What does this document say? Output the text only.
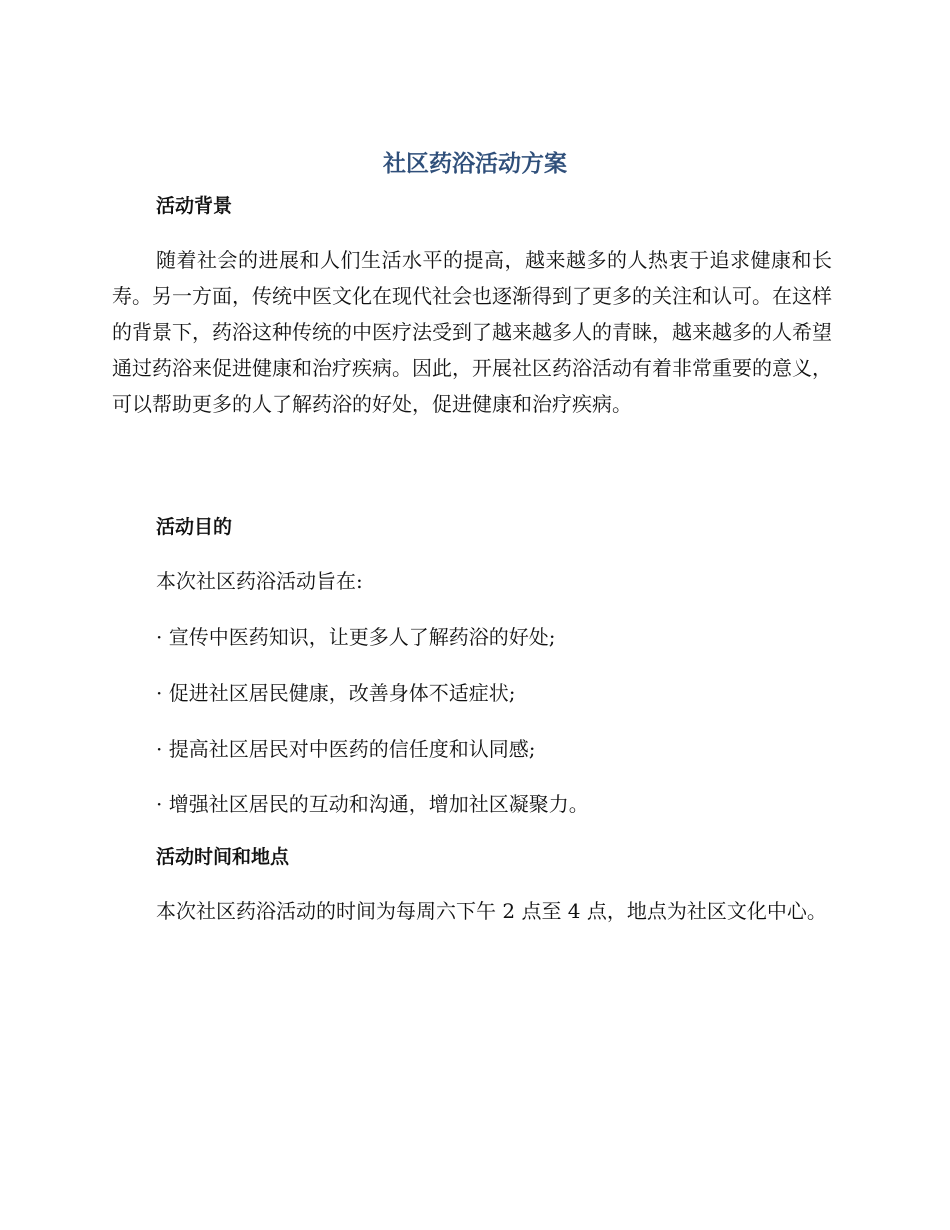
社区药浴活动方案
活动背景

随着社会的进展和人们生活水平的提高，越来越多的人热衷于追求健康和长寿。另一方面，传统中医文化在现代社会也逐渐得到了更多的关注和认可。在这样的背景下，药浴这种传统的中医疗法受到了越来越多人的青睐，越来越多的人希望通过药浴来促进健康和治疗疾病。因此，开展社区药浴活动有着非常重要的意义，可以帮助更多的人了解药浴的好处，促进健康和治疗疾病。

活动目的
本次社区药浴活动旨在:
· 宣传中医药知识，让更多人了解药浴的好处;
· 促进社区居民健康，改善身体不适症状;
· 提高社区居民对中医药的信任度和认同感;
· 增强社区居民的互动和沟通，增加社区凝聚力。
活动时间和地点

本次社区药浴活动的时间为每周六下午 2 点至 4 点，地点为社区文化中心。
